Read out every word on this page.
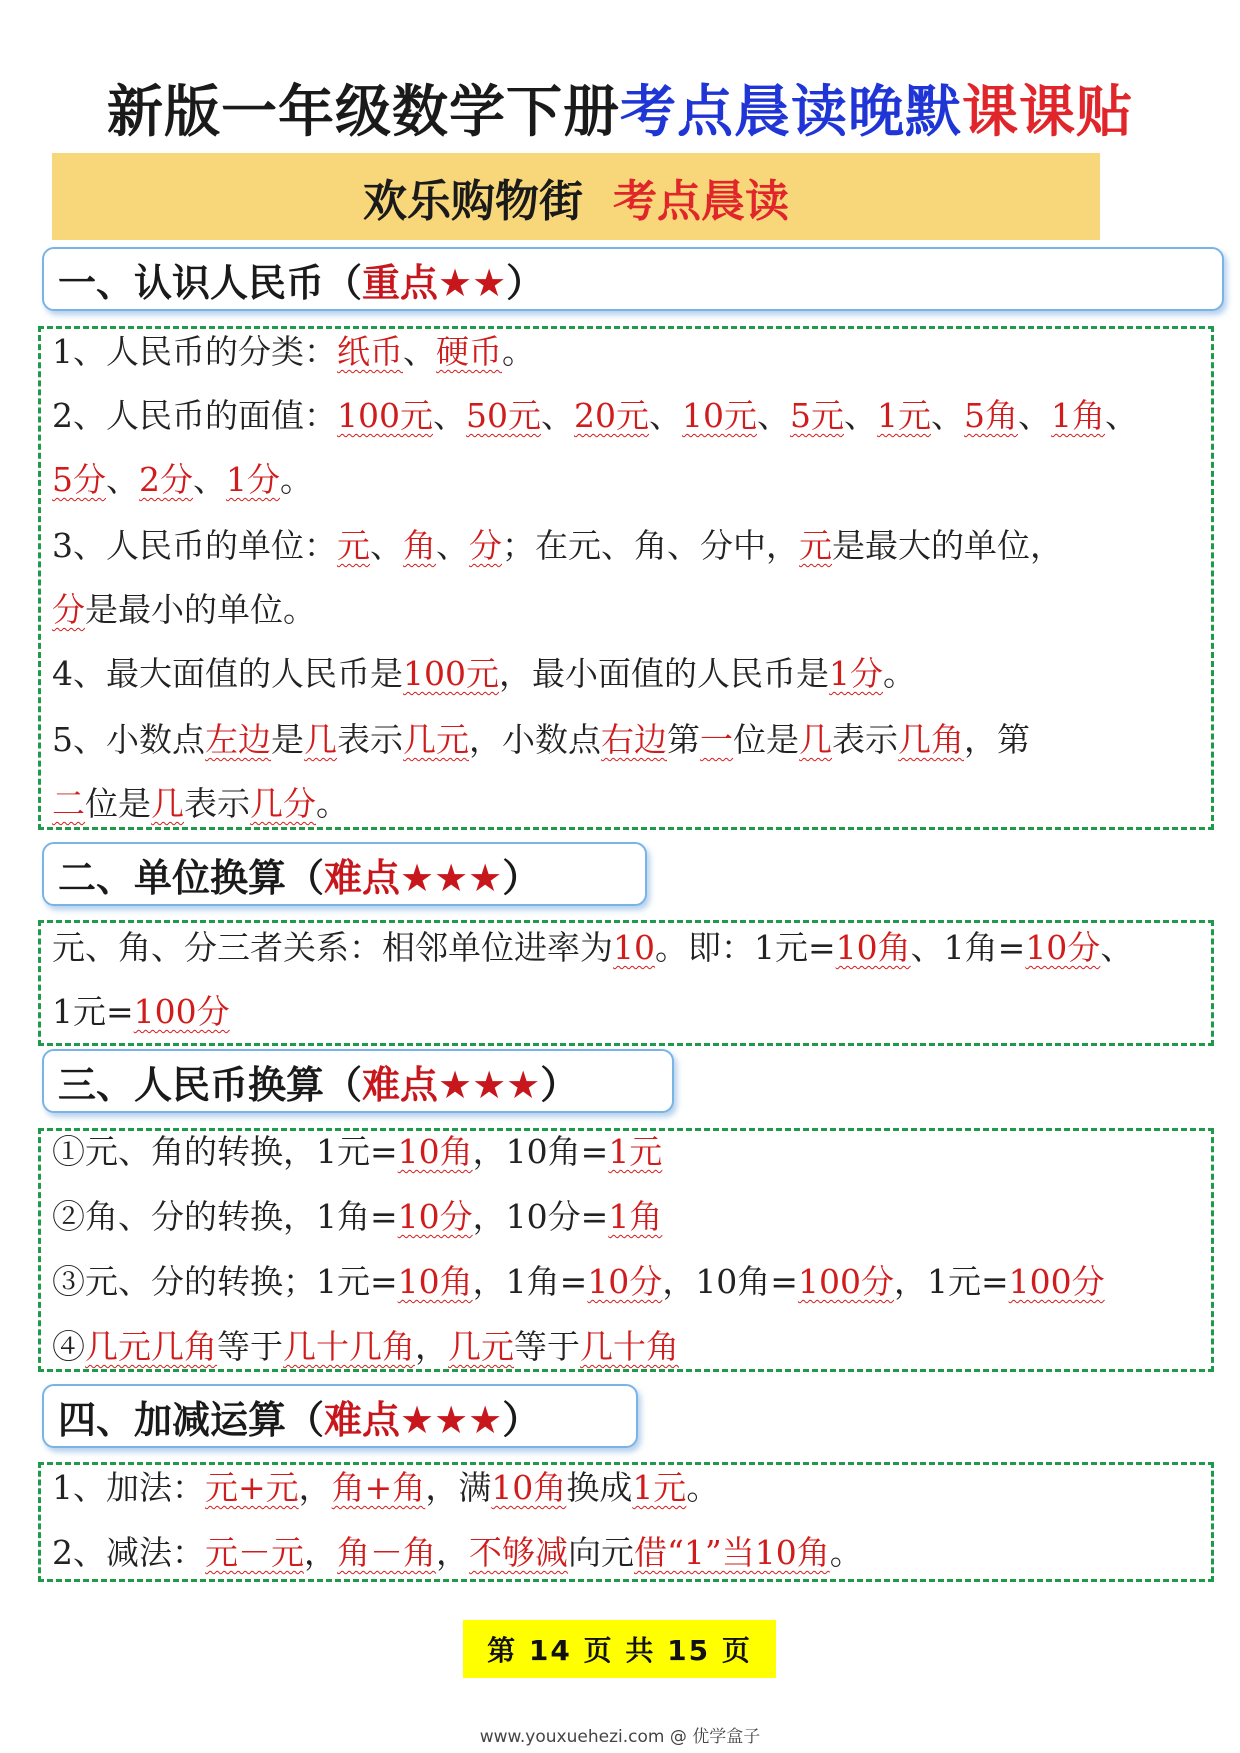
新版一年级数学下册考点晨读晚默课课贴
欢乐购物街 考点晨读
一、认识人民币（ 重点★★ ）
1、人民币的分类：纸币、硬币。
2、人民币的面值：100元、50元、20元、10元、5元、1元、5角、1角、
5分、2分、1分。
3、人民币的单位：元、角、分；在元、角、分中，元是最大的单位，
分是最小的单位。
4、最大面值的人民币是100元，最小面值的人民币是1分。
5、小数点左边是几表示几元，小数点右边第一位是几表示几角，第
二位是几表示几分。
二、单位换算（ 难点★★★ ）
元、角、分三者关系：相邻单位进率为10。即：1元=10角、1角=10分、
1元=100分
三、人民币换算（ 难点★★★ ）
①元、角的转换，1元=10角，10角=1元
②角、分的转换，1角=10分，10分=1角
③元、分的转换；1元=10角，1角=10分，10角=100分，1元=100分
④几元几角等于几十几角，几元等于几十角
四、加减运算（ 难点★★★ ）
1、加法：元+元，角+角，满10角换成1元。
2、减法：元－元，角－角，不够减向元借“1”当10角。
第 14 页 共 15 页
www.youxuehezi.com @ 优学盒子
